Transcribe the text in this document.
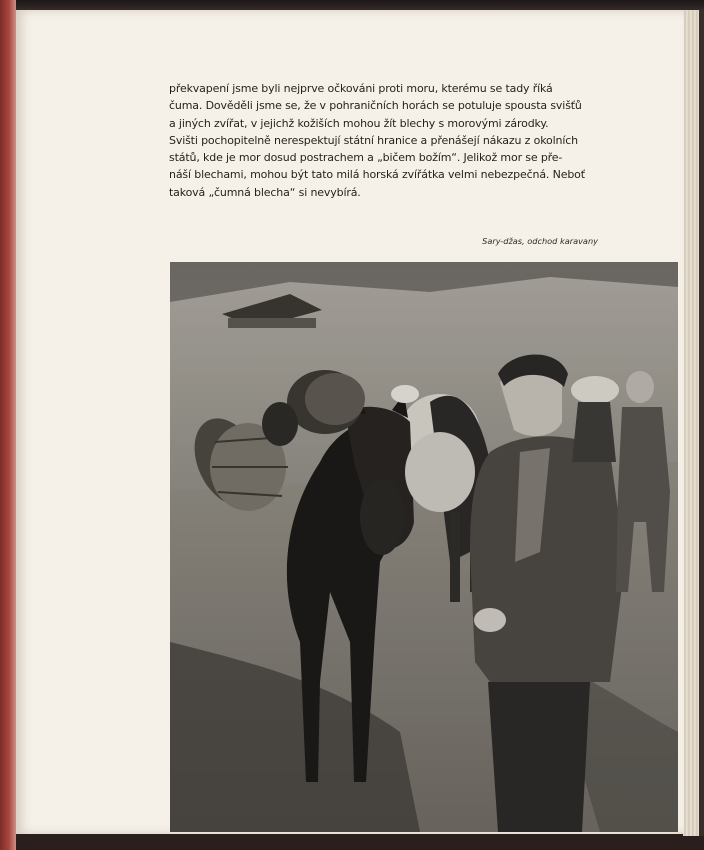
překvapení jsme byli nejprve očkováni proti moru, kterému se tady říká
čuma. Dověděli jsme se, že v pohraničních horách se potuluje spousta svišťů
a jiných zvířat, v jejichž kožiších mohou žít blechy s morovými zárodky.
Svišti pochopitelně nerespektují státní hranice a přenášejí nákazu z okolních
států, kde je mor dosud postrachem a „bičem božím“. Jelikož mor se pře-
náší blechami, mohou být tato milá horská zvířátka velmi nebezpečná. Neboť
taková „čumná blecha“ si nevybírá.
Sary-džas, odchod karavany
